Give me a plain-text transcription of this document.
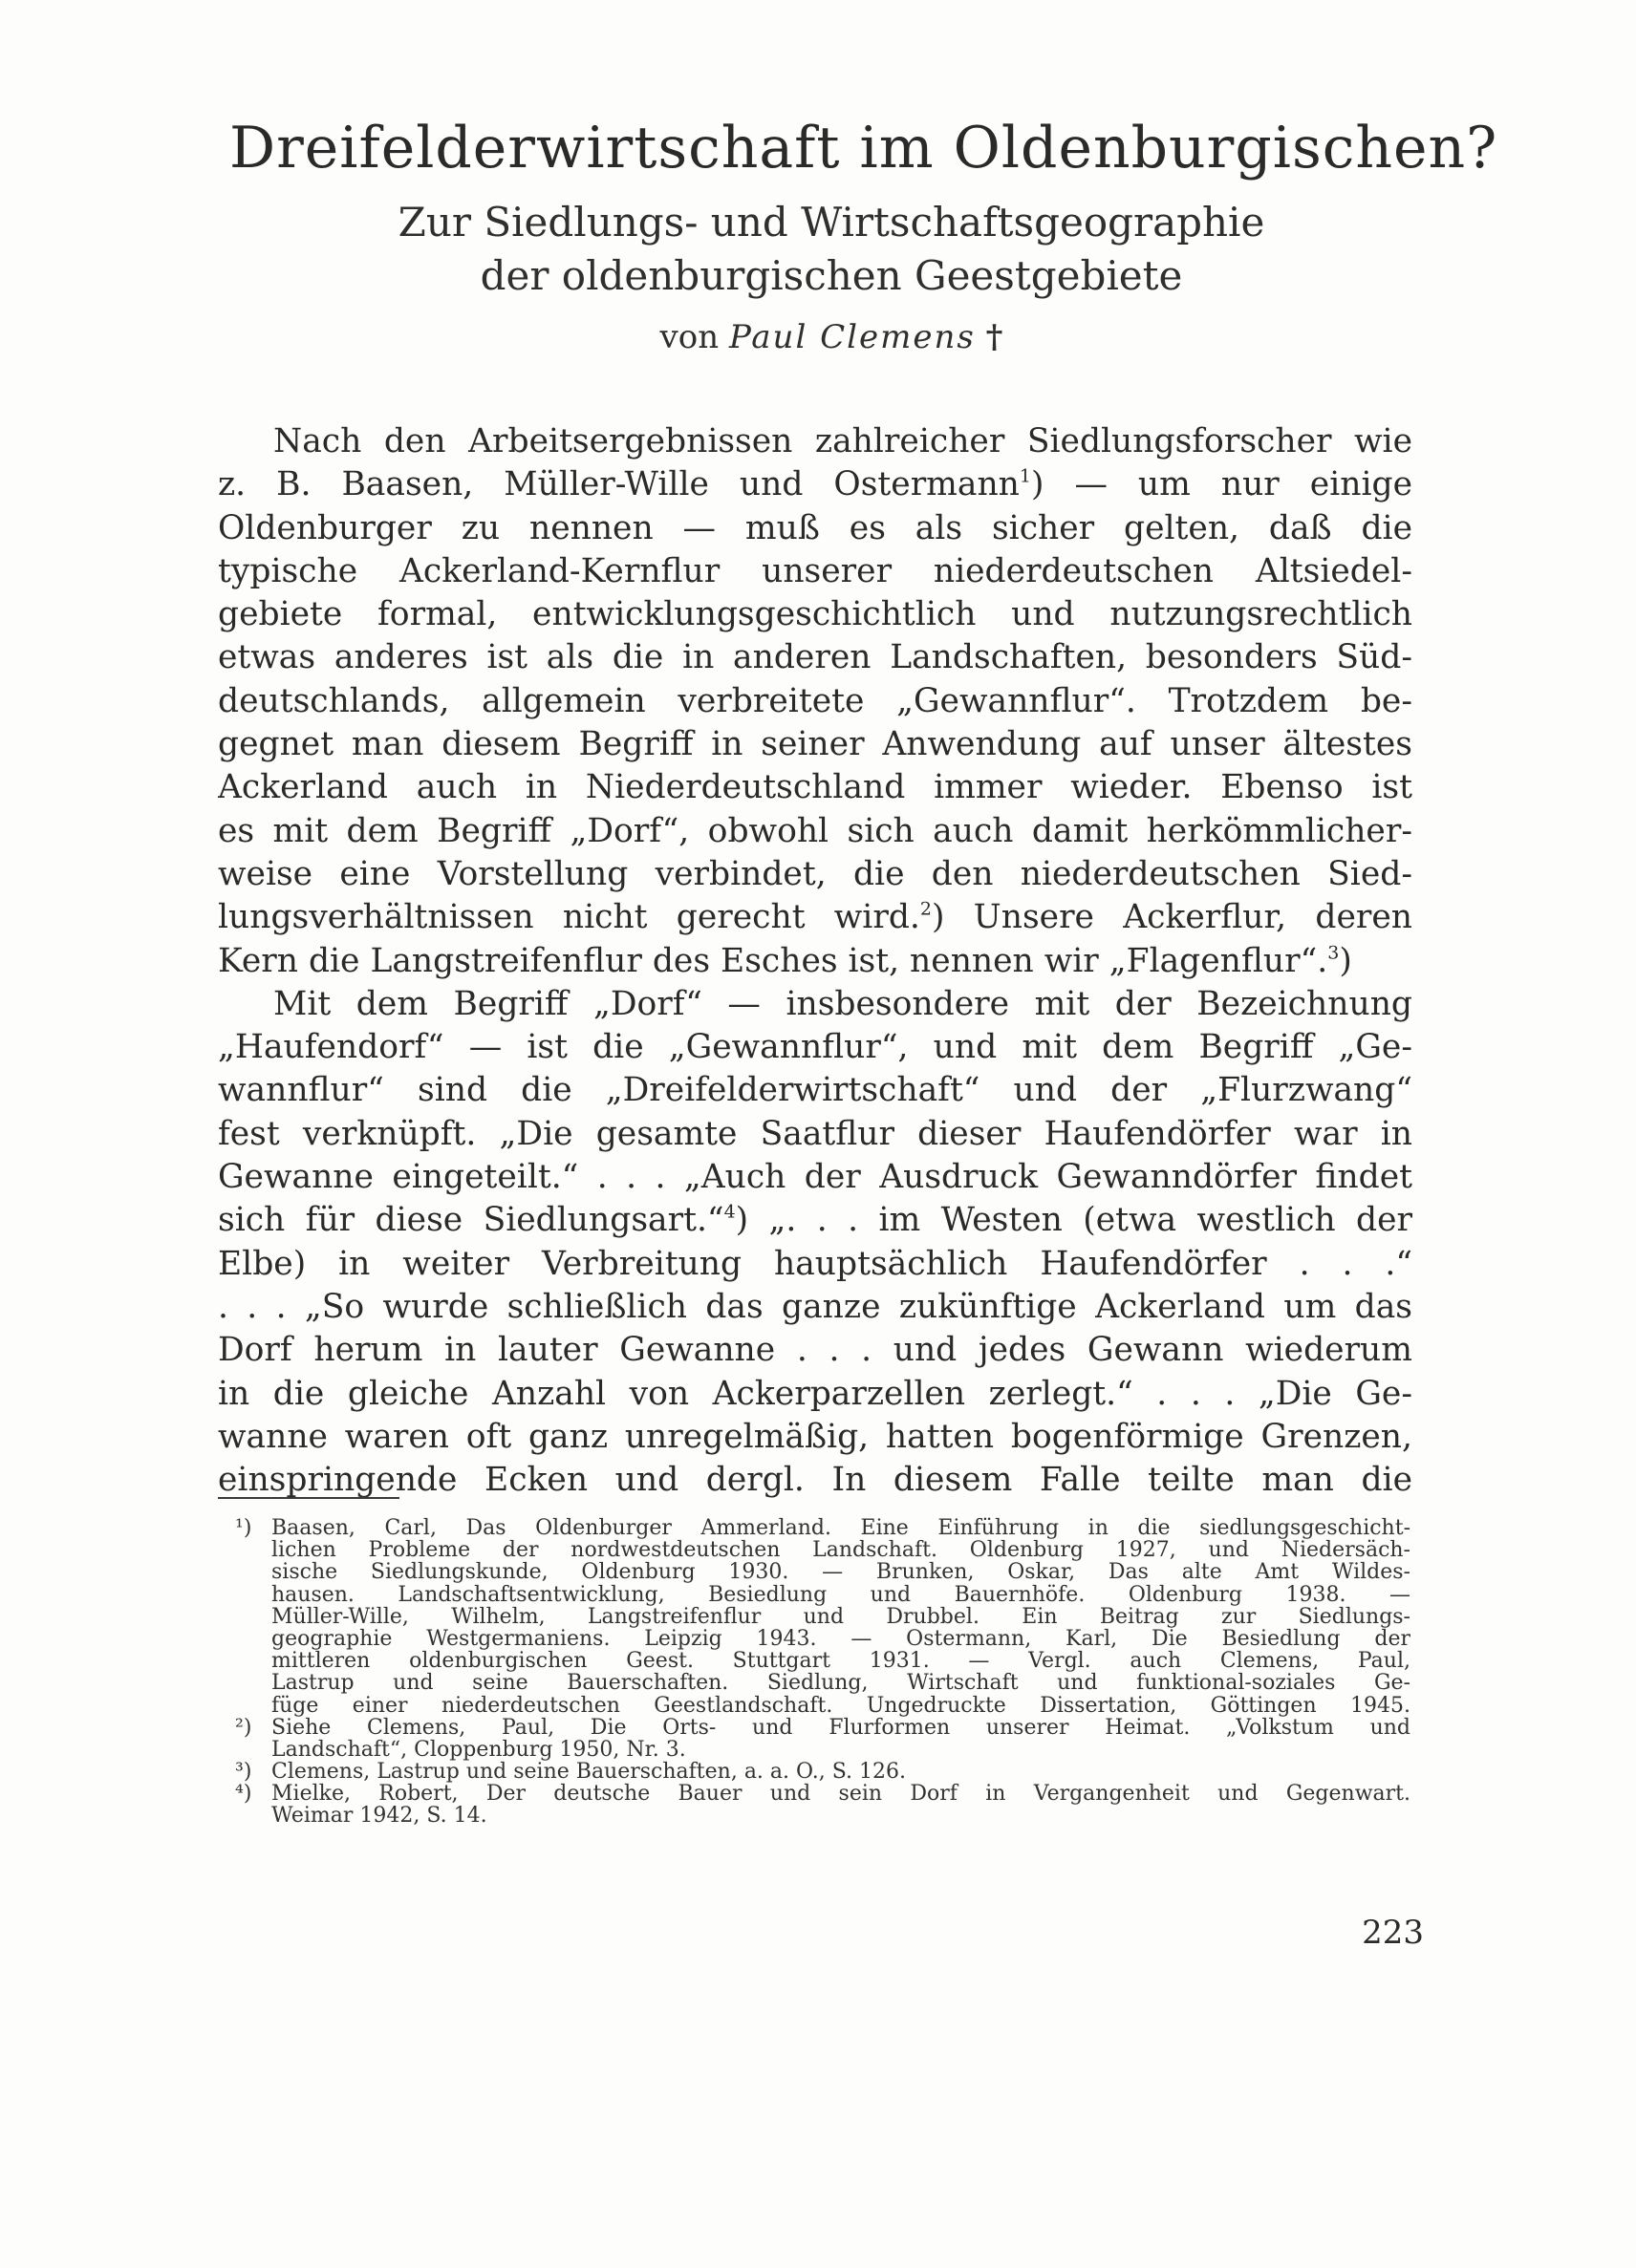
Dreifelderwirtschaft im Oldenburgischen?
Zur Siedlungs- und Wirtschaftsgeographie
der oldenburgischen Geestgebiete
von Paul Clemens †
Nach den Arbeitsergebnissen zahlreicher Siedlungsforscher wie
z. B. Baasen, Müller-Wille und Ostermann$^1$) — um nur einige
Oldenburger zu nennen — muß es als sicher gelten, daß die
typische Ackerland-Kernflur unserer niederdeutschen Altsiedel-
gebiete formal, entwicklungsgeschichtlich und nutzungsrechtlich
etwas anderes ist als die in anderen Landschaften, besonders Süd-
deutschlands, allgemein verbreitete „Gewannflur“. Trotzdem be-
gegnet man diesem Begriff in seiner Anwendung auf unser ältestes
Ackerland auch in Niederdeutschland immer wieder. Ebenso ist
es mit dem Begriff „Dorf“, obwohl sich auch damit herkömmlicher-
weise eine Vorstellung verbindet, die den niederdeutschen Sied-
lungsverhältnissen nicht gerecht wird.$^2$) Unsere Ackerflur, deren
Kern die Langstreifenflur des Esches ist, nennen wir „Flagenflur“.$^3$)
Mit dem Begriff „Dorf“ — insbesondere mit der Bezeichnung
„Haufendorf“ — ist die „Gewannflur“, und mit dem Begriff „Ge-
wannflur“ sind die „Dreifelderwirtschaft“ und der „Flurzwang“
fest verknüpft. „Die gesamte Saatflur dieser Haufendörfer war in
Gewanne eingeteilt.“ . . . „Auch der Ausdruck Gewanndörfer findet
sich für diese Siedlungsart.“$^4$) „. . . im Westen (etwa westlich der
Elbe) in weiter Verbreitung hauptsächlich Haufendörfer . . .“
. . . „So wurde schließlich das ganze zukünftige Ackerland um das
Dorf herum in lauter Gewanne . . . und jedes Gewann wiederum
in die gleiche Anzahl von Ackerparzellen zerlegt.“ . . . „Die Ge-
wanne waren oft ganz unregelmäßig, hatten bogenförmige Grenzen,
einspringende Ecken und dergl. In diesem Falle teilte man die
¹) Baasen, Carl, Das Oldenburger Ammerland. Eine Einführung in die siedlungsgeschicht-
lichen Probleme der nordwestdeutschen Landschaft. Oldenburg 1927, und Niedersäch-
sische Siedlungskunde, Oldenburg 1930. — Brunken, Oskar, Das alte Amt Wildes-
hausen. Landschaftsentwicklung, Besiedlung und Bauernhöfe. Oldenburg 1938. —
Müller-Wille, Wilhelm, Langstreifenflur und Drubbel. Ein Beitrag zur Siedlungs-
geographie Westgermaniens. Leipzig 1943. — Ostermann, Karl, Die Besiedlung der
mittleren oldenburgischen Geest. Stuttgart 1931. — Vergl. auch Clemens, Paul,
Lastrup und seine Bauerschaften. Siedlung, Wirtschaft und funktional-soziales Ge-
füge einer niederdeutschen Geestlandschaft. Ungedruckte Dissertation, Göttingen 1945.
²) Siehe Clemens, Paul, Die Orts- und Flurformen unserer Heimat. „Volkstum und
Landschaft“, Cloppenburg 1950, Nr. 3.
³) Clemens, Lastrup und seine Bauerschaften, a. a. O., S. 126.
⁴) Mielke, Robert, Der deutsche Bauer und sein Dorf in Vergangenheit und Gegenwart.
Weimar 1942, S. 14.
223
